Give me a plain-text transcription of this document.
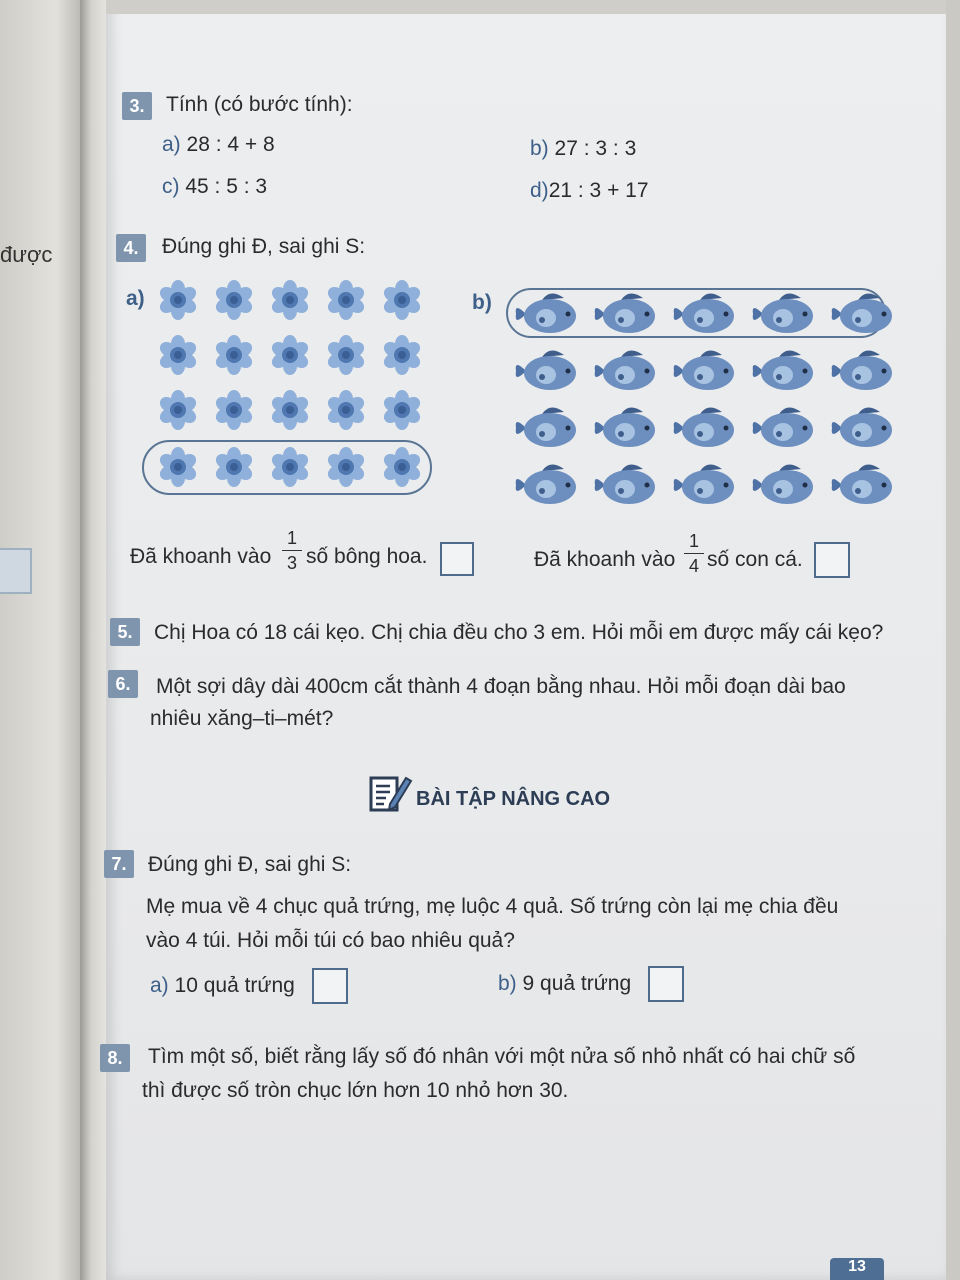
được
3.	Tính (có bước tính):
a) 28 : 4 + 8	b) 27 : 3 : 3
c) 45 : 5 : 3	d)21 : 3 + 17
4.	Đúng ghi Đ, sai ghi S:
a)	b)
Đã khoanh vào
1
3 số bông hoa.	Đã khoanh vào
1
4 số con cá.
5.	Chị Hoa có 18 cái kẹo. Chị chia đều cho 3 em. Hỏi mỗi em được mấy cái kẹo?
6.	Một sợi dây dài 400cm cắt thành 4 đoạn bằng nhau. Hỏi mỗi đoạn dài bao
nhiêu xăng–ti–mét?
BÀI TẬP NÂNG CAO
7.	Đúng ghi Đ, sai ghi S:
Mẹ mua về 4 chục quả trứng, mẹ luộc 4 quả. Số trứng còn lại mẹ chia đều
vào 4 túi. Hỏi mỗi túi có bao nhiêu quả?
a) 10 quả trứng	b) 9 quả trứng
8.	Tìm một số, biết rằng lấy số đó nhân với một nửa số nhỏ nhất có hai chữ số
thì được số tròn chục lớn hơn 10 nhỏ hơn 30.
13
